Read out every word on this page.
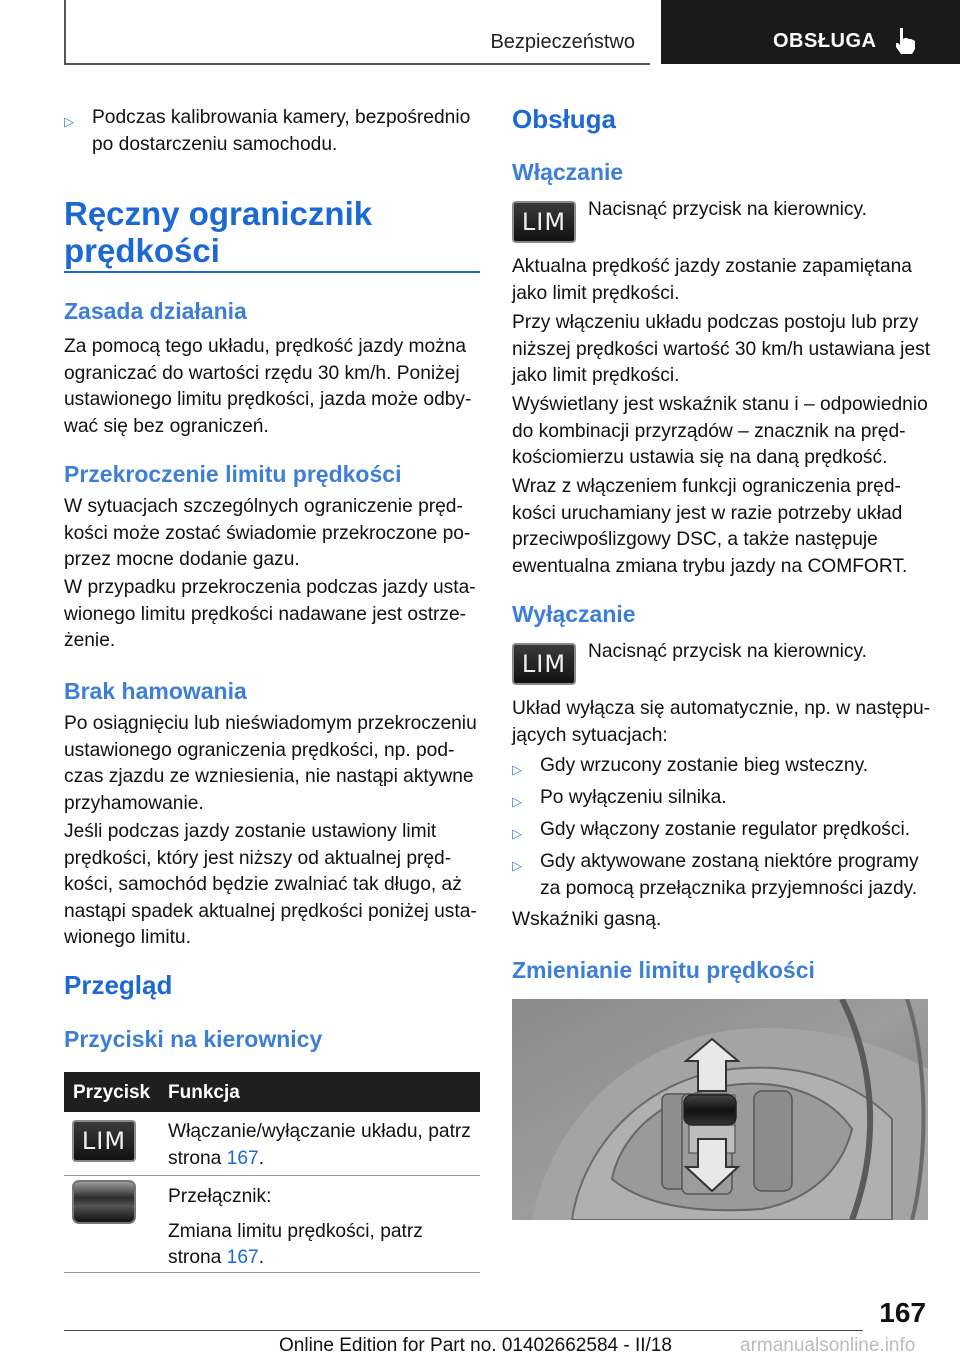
Bezpieczeństwo	OBSŁUGA
▷ Podczas kalibrowania kamery, bezpośrednio po dostarczeniu samochodu.
Ręczny ogranicznik
prędkości
Zasada działania
Za pomocą tego układu, prędkość jazdy można
ograniczać do wartości rzędu 30 km/h. Poniżej
ustawionego limitu prędkości, jazda może odby‐
wać się bez ograniczeń.
Przekroczenie limitu prędkości
W sytuacjach szczególnych ograniczenie pręd‐
kości może zostać świadomie przekroczone po‐
przez mocne dodanie gazu.
W przypadku przekroczenia podczas jazdy usta‐
wionego limitu prędkości nadawane jest ostrze‐
żenie.
Brak hamowania
Po osiągnięciu lub nieświadomym przekroczeniu
ustawionego ograniczenia prędkości, np. pod‐
czas zjazdu ze wzniesienia, nie nastąpi aktywne
przyhamowanie.
Jeśli podczas jazdy zostanie ustawiony limit
prędkości, który jest niższy od aktualnej pręd‐
kości, samochód będzie zwalniać tak długo, aż
nastąpi spadek aktualnej prędkości poniżej usta‐
wionego limitu.
Przegląd
Przyciski na kierownicy
Przycisk Funkcja
LIM	Włączanie/wyłączanie układu, patrz
strona 167.
Przełącznik:
Zmiana limitu prędkości, patrz
strona 167.
Obsługa
Włączanie
LIM	Nacisnąć przycisk na kierownicy.
Aktualna prędkość jazdy zostanie zapamiętana
jako limit prędkości.
Przy włączeniu układu podczas postoju lub przy
niższej prędkości wartość 30 km/h ustawiana jest
jako limit prędkości.
Wyświetlany jest wskaźnik stanu i – odpowiednio
do kombinacji przyrządów – znacznik na pręd‐
kościomierzu ustawia się na daną prędkość.
Wraz z włączeniem funkcji ograniczenia pręd‐
kości uruchamiany jest w razie potrzeby układ
przeciwpoślizgowy DSC, a także następuje
ewentualna zmiana trybu jazdy na COMFORT.
Wyłączanie
LIM	Nacisnąć przycisk na kierownicy.
Układ wyłącza się automatycznie, np. w następu‐
jących sytuacjach:
▷ Gdy wrzucony zostanie bieg wsteczny.
▷ Po wyłączeniu silnika.
▷ Gdy włączony zostanie regulator prędkości.
▷ Gdy aktywowane zostaną niektóre programy
za pomocą przełącznika przyjemności jazdy.
Wskaźniki gasną.
Zmienianie limitu prędkości
167
Online Edition for Part no. 01402662584 - II/18	armanualsonline.info
